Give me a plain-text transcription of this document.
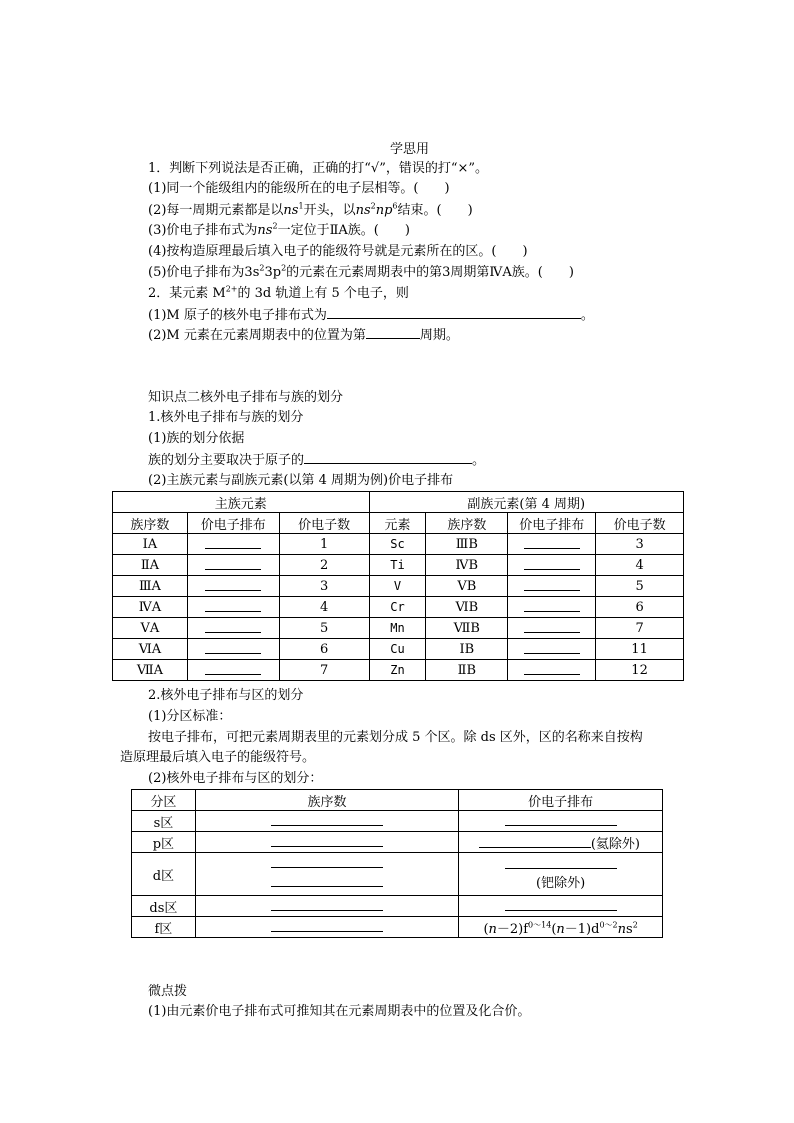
学思用
1．判断下列说法是否正确，正确的打“√”，错误的打“×”。
(1)同一个能级组内的能级所在的电子层相等。(　　)
(2)每一周期元素都是以$ns^1$开头，以$ns^2np^6$结束。(　　)
(3)价电子排布式为$ns^2$一定位于ⅡA族。(　　)
(4)按构造原理最后填入电子的能级符号就是元素所在的区。(　　)
(5)价电子排布为$3s^23p^2$的元素在元素周期表中的第3周期第ⅣA族。(　　)
2．某元素 $M^{2+}$的 3d 轨道上有 5 个电子，则
(1)M 原子的核外电子排布式为	。
(2)M 元素在元素周期表中的位置为第	周期。
知识点二核外电子排布与族的划分
1.核外电子排布与族的划分
(1)族的划分依据
族的划分主要取决于原子的	。
(2)主族元素与副族元素(以第 4 周期为例)价电子排布
主族元素			副族元素(第 4 周期)			
族序数	价电子排布	价电子数	元素	族序数	价电子排布	价电子数
ⅠA		1	Sc	ⅢB		3
ⅡA		2	Ti	ⅣB		4
ⅢA		3	V	ⅤB		5
ⅣA		4	Cr	ⅥB		6
ⅤA		5	Mn	ⅦB		7
ⅥA		6	Cu	ⅠB		11
ⅦA		7	Zn	ⅡB		12
2.核外电子排布与区的划分
(1)分区标准：
按电子排布，可把元素周期表里的元素划分成 5 个区。除 ds 区外，区的名称来自按构
造原理最后填入电子的能级符号。
(2)核外电子排布与区的划分：
分区	族序数	价电子排布
s区		
p区		(氦除外)
d区		(钯除外)

ds区		
f区		$(n-2)f^{0\sim 14}(n-1)d^{0\sim 2}ns^2$
微点拨
(1)由元素价电子排布式可推知其在元素周期表中的位置及化合价。
